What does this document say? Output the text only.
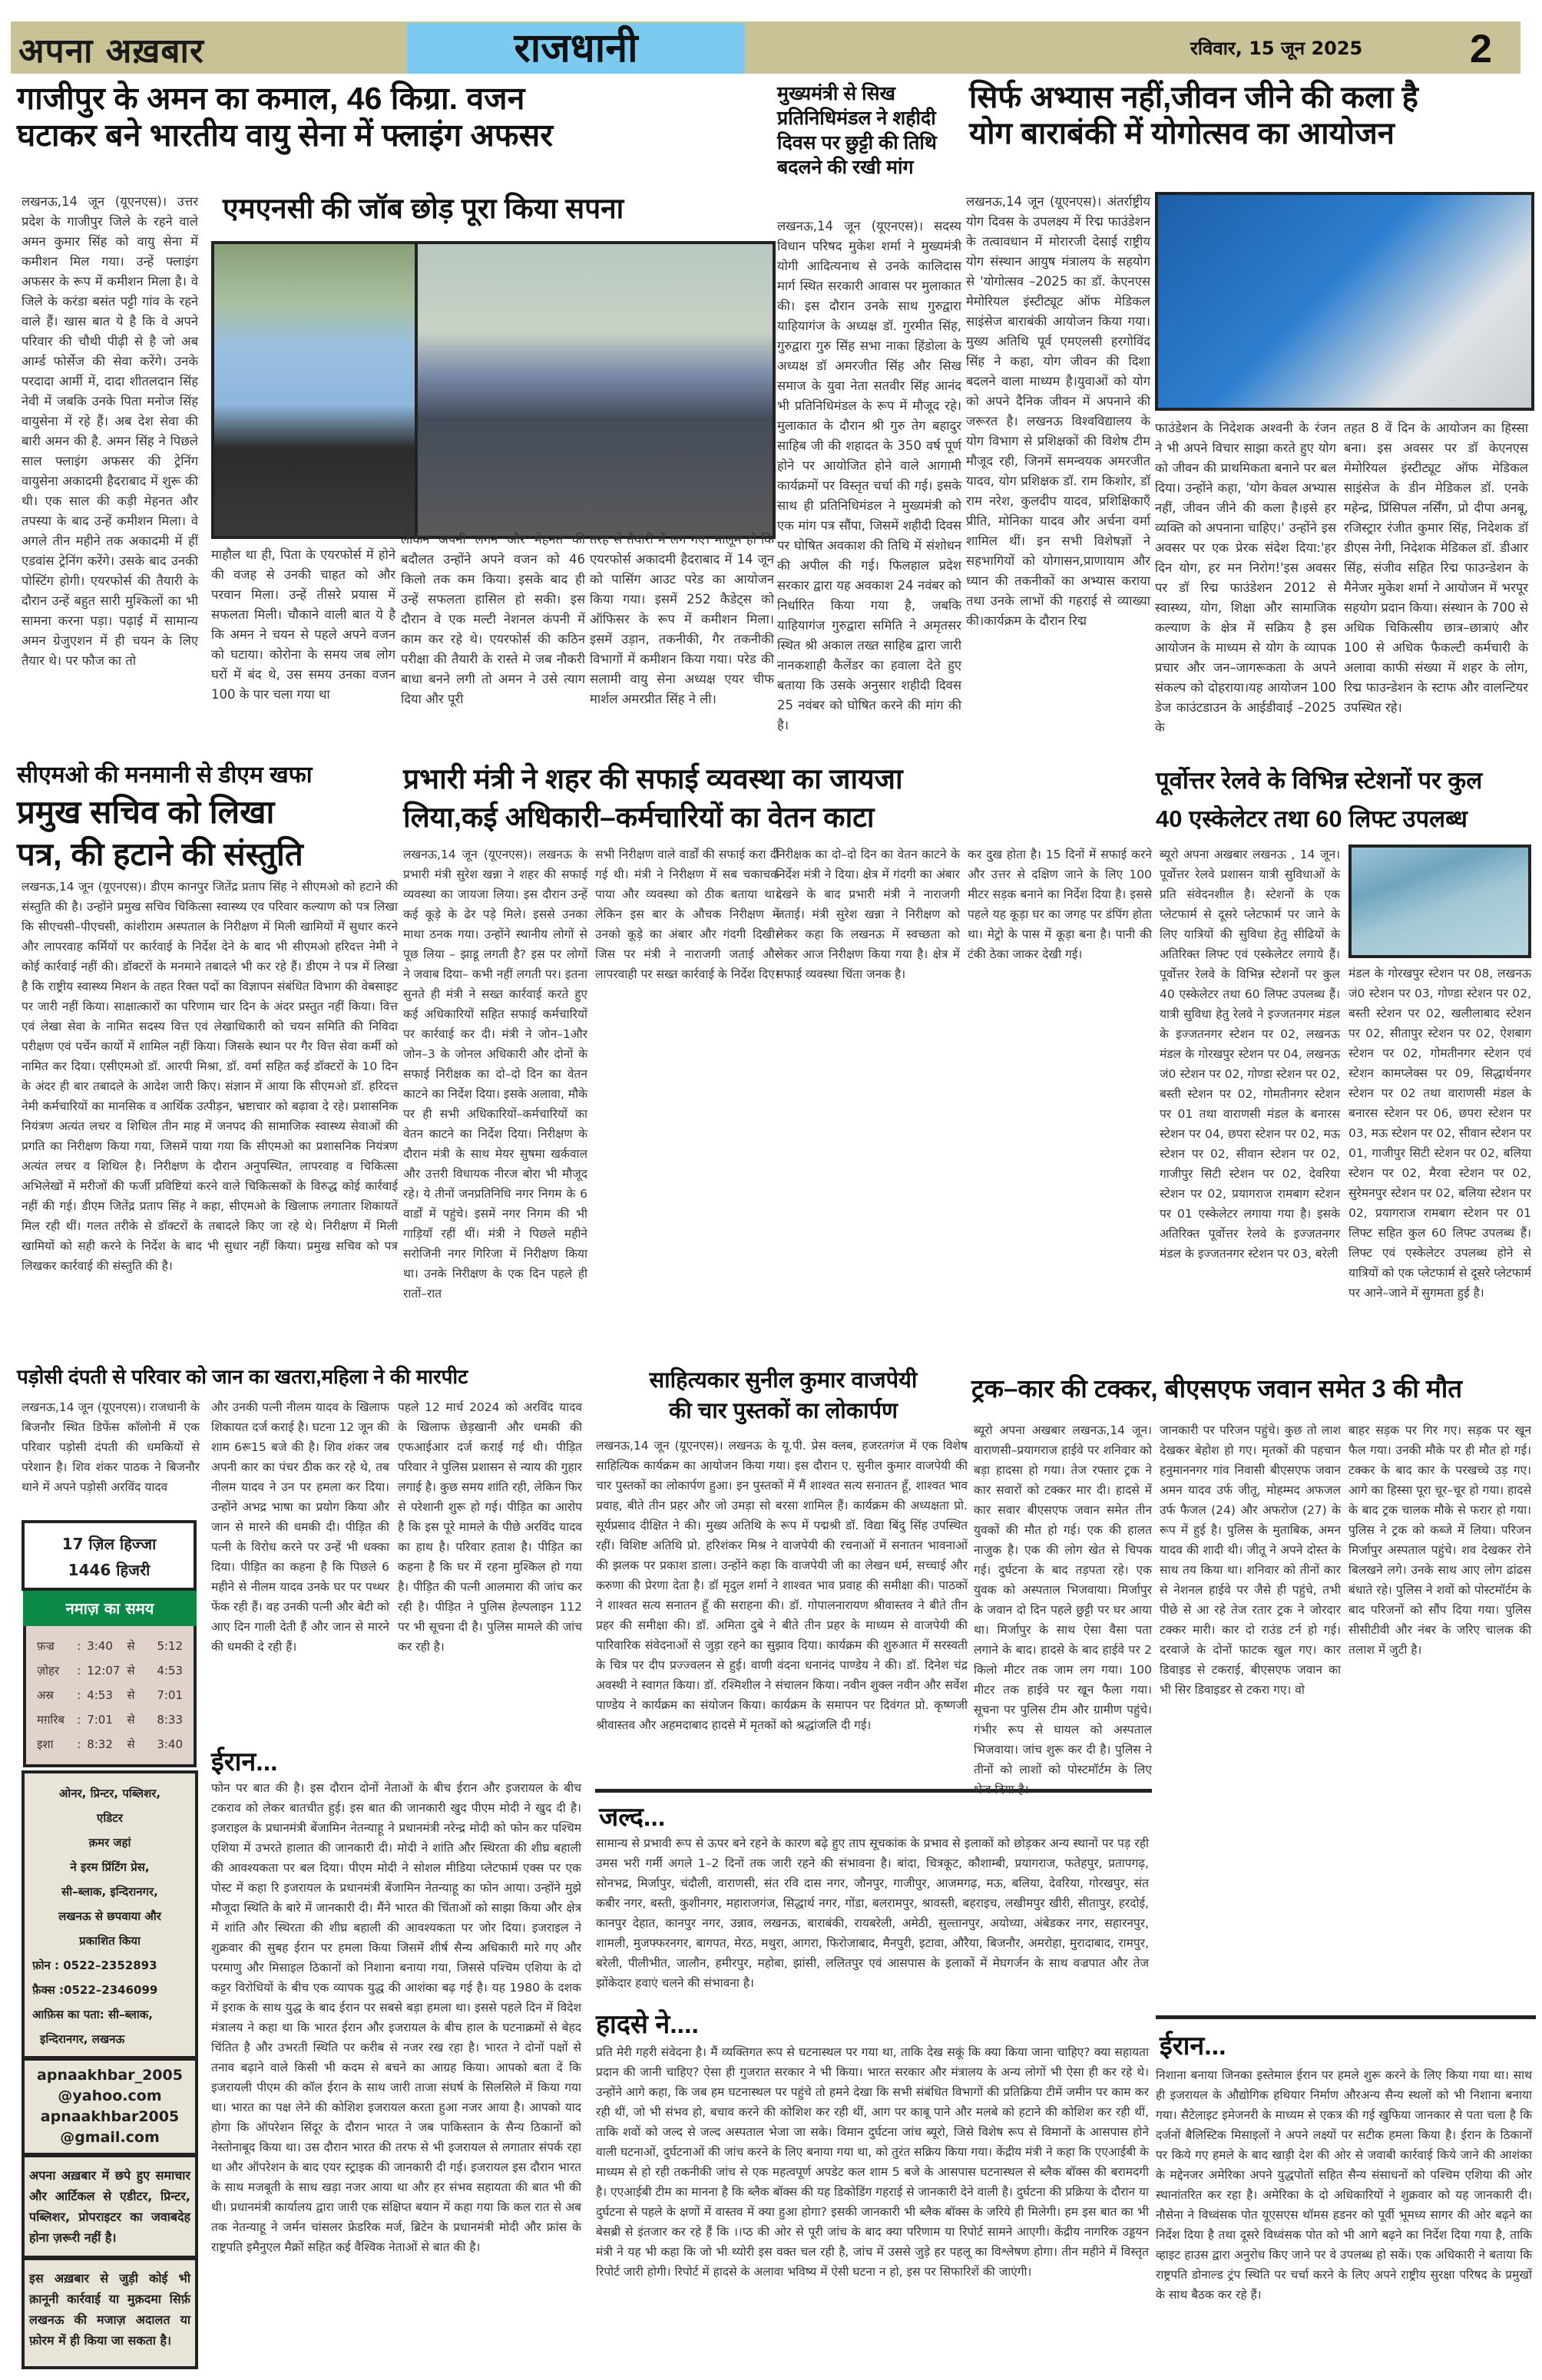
अपना अख़बार	राजधानी	रविवार, 15 जून 2025	2
गाजीपुर के अमन का कमाल, 46 किग्रा. वजन
घटाकर बने भारतीय वायु सेना में फ्लाइंग अफसर
एमएनसी की जॉब छोड़ पूरा किया सपना
लखनऊ,14 जून (यूएनएस)। उत्तर प्रदेश के गाजीपुर जिले के रहने वाले अमन कुमार सिंह को वायु सेना में कमीशन मिल गया। उन्हें फ्लाइंग अफसर के रूप में कमीशन मिला है। वे जिले के करंडा बसंत पट्टी गांव के रहने वाले हैं। खास बात ये है कि वे अपने परिवार की चौथी पीढ़ी से है जो अब आर्म्ड फोर्सेज की सेवा करेंगे। उनके परदादा आर्मी में, दादा शीतलदान सिंह नेवी में जबकि उनके पिता मनोज सिंह वायुसेना में रहे हैं। अब देश सेवा की बारी अमन की है. अमन सिंह ने पिछले साल फ्लाइंग अफसर की ट्रेनिंग वायुसेना अकादमी हैदराबाद में शुरू की थी। एक साल की कड़ी मेहनत और तपस्या के बाद उन्हें कमीशन मिला। वे अगले तीन महीने तक अकादमी में हीं एडवांस ट्रेनिंग करेंगे। उसके बाद उनकी पोस्टिंग होगी। एयरफोर्स की तैयारी के दौरान उन्हें बहुत सारी मुश्किलों का भी सामना करना पड़ा। पढ़ाई में सामान्य अमन ग्रेजुएशन में ही चयन के लिए तैयार थे। पर फौज का तो
माहौल था ही, पिता के एयरफोर्स में होने की वजह से उनकी चाहत को और परवान मिला। उन्हें तीसरे प्रयास में सफलता मिली। चौकाने वाली बात ये है कि अमन ने चयन से पहले अपने वजन को घटाया। कोरोना के समय जब लोग घरों में बंद थे, उस समय उनका वजन 100 के पार चला गया था
लेकिन अपनी लगन और मेहनत की बदौलत उन्होंने अपने वजन को 46 किलो तक कम किया। इसके बाद ही उन्हें सफलता हासिल हो सकी। इस दौरान वे एक मल्टी नेशनल कंपनी में काम कर रहे थे। एयरफोर्स की कठिन परीक्षा की तैयारी के रास्ते मे जब नौकरी बाधा बनने लगी तो अमन ने उसे त्याग दिया और पूरी
तरह से तैयारी में लग गए। मालूम हो कि एयरफोर्स अकादमी हैदराबाद में 14 जून को पासिंग आउट परेड का आयोजन किया गया। इसमें 252 कैडेट्स को ऑफिसर के रूप में कमीशन मिला। इसमें उड़ान, तकनीकी, गैर तकनीकी विभागों में कमीशन किया गया। परेड की सलामी वायु सेना अध्यक्ष एयर चीफ मार्शल अमरप्रीत सिंह ने ली।
मुख्यमंत्री से सिख प्रतिनिधिमंडल ने शहीदी दिवस पर छुट्टी की तिथि बदलने की रखी मांग
लखनऊ,14 जून (यूएनएस)। सदस्य विधान परिषद मुकेश शर्मा ने मुख्यमंत्री योगी आदित्यनाथ से उनके कालिदास मार्ग स्थित सरकारी आवास पर मुलाकात की। इस दौरान उनके साथ गुरुद्वारा याहियागंज के अध्यक्ष डॉ. गुरमीत सिंह, गुरुद्वारा गुरु सिंह सभा नाका हिंडोला के अध्यक्ष डॉ अमरजीत सिंह और सिख समाज के युवा नेता सतवीर सिंह आनंद भी प्रतिनिधिमंडल के रूप में मौजूद रहे। मुलाकात के दौरान श्री गुरु तेग बहादुर साहिब जी की शहादत के 350 वर्ष पूर्ण होने पर आयोजित होने वाले आगामी कार्यक्रमों पर विस्तृत चर्चा की गई। इसके साथ ही प्रतिनिधिमंडल ने मुख्यमंत्री को एक मांग पत्र सौंपा, जिसमें शहीदी दिवस पर घोषित अवकाश की तिथि में संशोधन की अपील की गई। फिलहाल प्रदेश सरकार द्वारा यह अवकाश 24 नवंबर को निर्धारित किया गया है, जबकि याहियागंज गुरुद्वारा समिति ने अमृतसर स्थित श्री अकाल तख्त साहिब द्वारा जारी नानकशाही कैलेंडर का हवाला देते हुए बताया कि उसके अनुसार शहीदी दिवस 25 नवंबर को घोषित करने की मांग की है।
सिर्फ अभ्यास नहीं,जीवन जीने की कला है
योग बाराबंकी में योगोत्सव का आयोजन
लखनऊ,14 जून (यूएनएस)। अंतर्राष्ट्रीय योग दिवस के उपलक्ष्य में रिद्म फाउंडेशन के तत्वावधान में मोरारजी देसाई राष्ट्रीय योग संस्थान आयुष मंत्रालय के सहयोग से 'योगोत्सव –2025 का डॉ. केएनएस मेमोरियल इंस्टीट्यूट ऑफ मेडिकल साइंसेज बाराबंकी आयोजन किया गया। मुख्य अतिथि पूर्व एमएलसी हरगोविंद सिंह ने कहा, योग जीवन की दिशा बदलने वाला माध्यम है।युवाओं को योग को अपने दैनिक जीवन में अपनाने की जरूरत है। लखनऊ विश्वविद्यालय के योग विभाग से प्रशिक्षकों की विशेष टीम मौजूद रही, जिनमें समन्वयक अमरजीत यादव, योग प्रशिक्षक डॉ. राम किशोर, डॉ राम नरेश, कुलदीप यादव, प्रशिक्षिकाएँ प्रीति, मोनिका यादव और अर्चना वर्मा शामिल थीं। इन सभी विशेषज्ञों ने सहभागियों को योगासन,प्राणायाम और ध्यान की तकनीकों का अभ्यास कराया तथा उनके लाभों की गहराई से व्याख्या की।कार्यक्रम के दौरान रिद्म
फाउंडेशन के निदेशक अश्वनी के रंजन ने भी अपने विचार साझा करते हुए योग को जीवन की प्राथमिकता बनाने पर बल दिया। उन्होंने कहा, 'योग केवल अभ्यास नहीं, जीवन जीने की कला है।इसे हर व्यक्ति को अपनाना चाहिए।' उन्होंने इस अवसर पर एक प्रेरक संदेश दिया:'हर दिन योग, हर मन निरोग!'इस अवसर पर डॉ रिद्म फाउंडेशन 2012 से स्वास्थ्य, योग, शिक्षा और सामाजिक कल्याण के क्षेत्र में सक्रिय है इस आयोजन के माध्यम से योग के व्यापक प्रचार और जन–जागरूकता के अपने संकल्प को दोहराया।यह आयोजन 100 डेज काउंटडाउन के आईडीवाई –2025 के
तहत 8 वें दिन के आयोजन का हिस्सा बना। इस अवसर पर डॉ केएनएस मेमोरियल इंस्टीट्यूट ऑफ मेडिकल साइंसेज के डीन मेडिकल डॉ. एनके महेन्द्र, प्रिंसिपल नर्सिंग, प्रो दीपा अनबू, रजिस्ट्रार रंजीत कुमार सिंह, निदेशक डॉ डीएस नेगी, निदेशक मेडिकल डॉ. डीआर सिंह, संजीव सहित रिद्म फाउन्डेशन के मैनेजर मुकेश शर्मा ने आयोजन में भरपूर सहयोग प्रदान किया। संस्थान के 700 से अधिक चिकित्सीय छात्र–छात्राएं और 100 से अधिक फैकल्टी कर्मचारी के अलावा काफी संख्या में शहर के लोग, रिद्म फाउन्डेशन के स्टाफ और वालन्टियर उपस्थित रहे।
सीएमओ की मनमानी से डीएम खफा
प्रमुख सचिव को लिखा
पत्र, की हटाने की संस्तुति
लखनऊ,14 जून (यूएनएस)। डीएम कानपुर जितेंद्र प्रताप सिंह ने सीएमओ को हटाने की संस्तुति की है। उन्होंने प्रमुख सचिव चिकित्सा स्वास्थ्य एव परिवार कल्याण को पत्र लिखा कि सीएचसी–पीएचसी, कांशीराम अस्पताल के निरीक्षण में मिली खामियों में सुधार करने और लापरवाह कर्मियों पर कार्रवाई के निर्देश देने के बाद भी सीएमओ हरिदत्त नेमी ने कोई कार्रवाई नहीं की। डॉक्टरों के मनमाने तबादले भी कर रहे हैं। डीएम ने पत्र में लिखा है कि राष्ट्रीय स्वास्थ्य मिशन के तहत रिक्त पदों का विज्ञापन संबंधित विभाग की वेबसाइट पर जारी नहीं किया। साक्षात्कारों का परिणाम चार दिन के अंदर प्रस्तुत नहीं किया। वित्त एवं लेखा सेवा के नामित सदस्य वित्त एवं लेखाधिकारी को चयन समिति की निविदा परीक्षण एवं पर्चेन कार्यो में शामिल नहीं किया। जिसके स्थान पर गैर वित्त सेवा कर्मी को नामित कर दिया। एसीएमओ डॉ. आरपी मिश्रा, डॉ. वर्मा सहित कई डॉक्टरों के 10 दिन के अंदर ही बार तबादले के आदेश जारी किए। संज्ञान में आया कि सीएमओ डॉ. हरिदत्त नेमी कर्मचारियों का मानसिक व आर्थिक उत्पीड़न, भ्रष्टाचार को बढ़ावा दे रहे। प्रशासनिक नियंत्रण अत्यंत लचर व शिथिल तीन माह में जनपद की सामाजिक स्वास्थ्य सेवाओं की प्रगति का निरीक्षण किया गया, जिसमें पाया गया कि सीएमओ का प्रशासनिक नियंत्रण अत्यंत लचर व शिथिल है। निरीक्षण के दौरान अनुपस्थित, लापरवाह व चिकित्सा अभिलेखों में मरीजों की फर्जी प्रविष्टियां करने वाले चिकित्सकों के विरुद्ध कोई कार्रवाई नहीं की गई। डीएम जितेंद्र प्रताप सिंह ने कहा, सीएमओ के खिलाफ लगातार शिकायतें मिल रही थीं। गलत तरीके से डॉक्टरों के तबादले किए जा रहे थे। निरीक्षण में मिली खामियों को सही करने के निर्देश के बाद भी सुधार नहीं किया। प्रमुख सचिव को पत्र लिखकर कार्रवाई की संस्तुति की है।
प्रभारी मंत्री ने शहर की सफाई व्यवस्था का जायजा
लिया,कई अधिकारी–कर्मचारियों का वेतन काटा
लखनऊ,14 जून (यूएनएस)। लखनऊ के प्रभारी मंत्री सुरेश खन्ना ने शहर की सफाई व्यवस्था का जायजा लिया। इस दौरान उन्हें कई कूड़े के ढेर पड़े मिले। इससे उनका माथा ठनक गया। उन्होंने स्थानीय लोगों से पूछ लिया – झाडू लगती है? इस पर लोगों ने जवाब दिया– कभी नहीं लगती पर। इतना सुनते ही मंत्री ने सख्त कार्रवाई करते हुए कई अधिकारियों सहित सफाई कर्मचारियों पर कार्रवाई कर दी। मंत्री ने जोन–1और जोन–3 के जोनल अधिकारी और दोनों के सफाई निरीक्षक का दो–दो दिन का वेतन काटने का निर्देश दिया। इसके अलावा, मौके पर ही सभी अधिकारियों–कर्मचारियों का वेतन काटने का निर्देश दिया। निरीक्षण के दौरान मंत्री के साथ मेयर सुषमा खर्कवाल और उत्तरी विधायक नीरज बोरा भी मौजूद रहे। ये तीनों जनप्रतिनिधि नगर निगम के 6 वार्डों में पहुंचे। इसमें नगर निगम की भी गाड़ियाँ रहीं थीं। मंत्री ने पिछले महीने सरोजिनी नगर गिरिजा में निरीक्षण किया था। उनके निरीक्षण के एक दिन पहले ही रातों–रात
सभी निरीक्षण वाले वार्डों की सफाई करा दी गई थी। मंत्री ने निरीक्षण में सब चकाचक पाया और व्यवस्था को ठीक बताया था। लेकिन इस बार के औचक निरीक्षण में उनको कूड़े का अंबार और गंदगी दिखी। जिस पर मंत्री ने नाराजगी जताई और लापरवाही पर सख्त कार्रवाई के निर्देश दिए।
निरीक्षक का दो–दो दिन का वेतन काटने के निर्देश मंत्री ने दिया। क्षेत्र में गंदगी का अंबार देखने के बाद प्रभारी मंत्री ने नाराजगी जताई। मंत्री सुरेश खन्ना ने निरीक्षण को लेकर कहा कि लखनऊ में स्वच्छता को लेकर आज निरीक्षण किया गया है। क्षेत्र में सफाई व्यवस्था चिंता जनक है।
कर दुख होता है। 15 दिनों में सफाई करने और उत्तर से दक्षिण जाने के लिए 100 मीटर सड़क बनाने का निर्देश दिया है। इससे पहले यह कूड़ा घर का जगह पर डंपिंग होता था। मेट्रो के पास में कूड़ा बना है। पानी की टंकी ठेका जाकर देखी गई।
पूर्वोत्तर रेलवे के विभिन्न स्टेशनों पर कुल
40 एस्केलेटर तथा 60 लिफ्ट उपलब्ध
ब्यूरो अपना अखबार लखनऊ , 14 जून। पूर्वोत्तर रेलवे प्रशासन यात्री सुविधाओं के प्रति संवेदनशील है। स्टेशनों के एक प्लेटफार्म से दूसरे प्लेटफार्म पर जाने के लिए यात्रियों की सुविधा हेतु सीढियों के अतिरिक्त लिफ्ट एवं एस्केलेटर लगाये हैं। पूर्वोत्तर रेलवे के विभिन्न स्टेशनों पर कुल 40 एस्केलेटर तथा 60 लिफ्ट उपलब्ध हैं। यात्री सुविधा हेतु रेलवे ने इज्जतनगर मंडल के इज्जतनगर स्टेशन पर 02, लखनऊ मंडल के गोरखपुर स्टेशन पर 04, लखनऊ जं0 स्टेशन पर 02, गोण्डा स्टेशन पर 02, बस्ती स्टेशन पर 02, गोमतीनगर स्टेशन पर 01 तथा वाराणसी मंडल के बनारस स्टेशन पर 04, छपरा स्टेशन पर 02, मऊ स्टेशन पर 02, सीवान स्टेशन पर 02, गाजीपुर सिटी स्टेशन पर 02, देवरिया स्टेशन पर 02, प्रयागराज रामबाग स्टेशन पर 01 एस्केलेटर लगाया गया है। इसके अतिरिक्त पूर्वोत्तर रेलवे के इज्जतनगर मंडल के इज्जतनगर स्टेशन पर 03, बरेली
मंडल के गोरखपुर स्टेशन पर 08, लखनऊ जं0 स्टेशन पर 03, गोण्डा स्टेशन पर 02, बस्ती स्टेशन पर 02, खलीलाबाद स्टेशन पर 02, सीतापुर स्टेशन पर 02, ऐशबाग स्टेशन पर 02, गोमतीनगर स्टेशन एवं स्टेशन कामप्लेक्स पर 09, सिद्धार्थनगर स्टेशन पर 02 तथा वाराणसी मंडल के बनारस स्टेशन पर 06, छपरा स्टेशन पर 03, मऊ स्टेशन पर 02, सीवान स्टेशन पर 01, गाजीपुर सिटी स्टेशन पर 02, बलिया स्टेशन पर 02, मैरवा स्टेशन पर 02, सुरेमनपुर स्टेशन पर 02, बलिया स्टेशन पर 02, प्रयागराज रामबाग स्टेशन पर 01 लिफ्ट सहित कुल 60 लिफ्ट उपलब्ध हैं। लिफ्ट एवं एस्केलेटर उपलब्ध होने से यात्रियों को एक प्लेटफार्म से दूसरे प्लेटफार्म पर आने–जाने में सुगमता हुई है।
पड़ोसी दंपती से परिवार को जान का खतरा,महिला ने की मारपीट
लखनऊ,14 जून (यूएनएस)। राजधानी के बिजनौर स्थित डिफेंस कॉलोनी में एक परिवार पड़ोसी दंपती की धमकियों से परेशान है। शिव शंकर पाठक ने बिजनौर थाने में अपने पड़ोसी अरविंद यादव
और उनकी पत्नी नीलम यादव के खिलाफ शिकायत दर्ज कराई है। घटना 12 जून की शाम 6रू15 बजे की है। शिव शंकर जब अपनी कार का पंचर ठीक कर रहे थे, तब नीलम यादव ने उन पर हमला कर दिया। उन्होंने अभद्र भाषा का प्रयोग किया और जान से मारने की धमकी दी। पीड़ित की पत्नी के विरोध करने पर उन्हें भी धक्का दिया। पीड़ित का कहना है कि पिछले 6 महीने से नीलम यादव उनके घर पर पथ्थर फेंक रही हैं। वह उनकी पत्नी और बेटी को आए दिन गाली देती हैं और जान से मारने की धमकी दे रही हैं।
पहले 12 मार्च 2024 को अरविंद यादव के खिलाफ छेड़खानी और धमकी की एफआईआर दर्ज कराई गई थी। पीड़ित परिवार ने पुलिस प्रशासन से न्याय की गुहार लगाई है। कुछ समय शांति रही, लेकिन फिर से परेशानी शुरू हो गई। पीड़ित का आरोप है कि इस पूरे मामले के पीछे अरविंद यादव का हाथ है। परिवार हताश है। पीड़ित का कहना है कि घर में रहना मुश्किल हो गया है। पीड़ित की पत्नी आलमारा की जांच कर रही है। पीड़ित ने पुलिस हेल्पलाइन 112 पर भी सूचना दी है। पुलिस मामले की जांच कर रही है।
17 ज़िल हिज्जा
1446 हिजरी
नमाज़ का समय
फ़ज्र	: 3:40	से	5:12
ज़ोहर	: 12:07 से	4:53
अस्र	: 4:53	से	7:01
मग़रिब	: 7:01	से	8:33
इशा	: 8:32	से	3:40
ओनर, प्रिन्टर, पब्लिशर,
एडिटर
क़मर जहां
ने इरम प्रिंटिंग प्रेस,
सी–ब्लाक, इन्दिरानगर,
लखनऊ से छपवाया और
प्रकाशित किया
फ़ोन : 0522–2352893
फ़ैक्स :0522–2346099
आफ़िस का पता: सी–ब्लाक,
इन्दिरानगर, लखनऊ
apnaakhbar_2005
@yahoo.com
apnaakhbar2005
@gmail.com
अपना अख़बार में छपे हुए समाचार और आर्टिकल से एडीटर, प्रिन्टर, पब्लिशर, प्रोपराइटर का जवाबदेह होना ज़रूरी नहीं है।
इस अख़बार से जुड़ी कोई भी क़ानूनी कार्रवाई या मुक़दमा सिर्फ़ लखनऊ की मजाज़ अदालत या फ़ोरम में ही किया जा सकता है।
ईरान...
फोन पर बात की है। इस दौरान दोनों नेताओं के बीच ईरान और इजरायल के बीच टकराव को लेकर बातचीत हुई। इस बात की जानकारी खुद पीएम मोदी ने खुद दी है। इजराइल के प्रधानमंत्री बेंजामिन नेतन्याहू ने प्रधानमंत्री नरेन्द्र मोदी को फोन कर पश्चिम एशिया में उभरते हालात की जानकारी दी। मोदी ने शांति और स्थिरता की शीघ्र बहाली की आवश्यकता पर बल दिया। पीएम मोदी ने सोशल मीडिया प्लेटफार्म एक्स पर एक पोस्ट में कहा रि इजरायल के प्रधानमंत्री बेंजामिन नेतन्याहू का फोन आया। उन्होंने मुझे मौजूदा स्थिति के बारे में जानकारी दी। मैंने भारत की चिंताओं को साझा किया और क्षेत्र में शांति और स्थिरता की शीघ्र बहाली की आवश्यकता पर जोर दिया। इजराइल ने शुक्रवार की सुबह ईरान पर हमला किया जिसमें शीर्ष सैन्य अधिकारी मारे गए और परमाणु और मिसाइल ठिकानों को निशाना बनाया गया, जिससे पश्चिम एशिया के दो कट्टर विरोधियों के बीच एक व्यापक युद्ध की आशंका बढ़ गई है। यह 1980 के दशक में इराक के साथ युद्ध के बाद ईरान पर सबसे बड़ा हमला था। इससे पहले दिन में विदेश मंत्रालय ने कहा था कि भारत ईरान और इजरायल के बीच हाल के घटनाक्रमों से बेहद चिंतित है और उभरती स्थिति पर करीब से नजर रख रहा है। भारत ने दोनों पक्षों से तनाव बढ़ाने वाले किसी भी कदम से बचने का आग्रह किया। आपको बता दें कि इजरायली पीएम की कॉल ईरान के साथ जारी ताजा संघर्ष के सिलसिले में किया गया था। भारत का पक्ष लेने की कोशिश इजरायल करता हुआ नजर आया है। आपको याद होगा कि ऑपरेशन सिंदूर के दौरान भारत ने जब पाकिस्तान के सैन्य ठिकानों को नेस्तोनाबूद किया था। उस दौरान भारत की तरफ से भी इजरायल से लगातार संपर्क रहा था और ऑपरेशन के बाद एयर स्ट्राइक की जानकारी दी गई। इजरायल इस दौरान भारत के साथ मजबूती के साथ खड़ा नजर आया था और हर संभव सहायता की बात भी की थी। प्रधानमंत्री कार्यालय द्वारा जारी एक संक्षिप्त बयान में कहा गया कि कल रात से अब तक नेतन्याहू ने जर्मन चांसलर फ्रेडरिक मर्ज, ब्रिटेन के प्रधानमंत्री मोदी और फ्रांस के राष्ट्रपति इमैनुएल मैक्रों सहित कई वैश्विक नेताओं से बात की है।
साहित्यकार सुनील कुमार वाजपेयी
की चार पुस्तकों का लोकार्पण
लखनऊ,14 जून (यूएनएस)। लखनऊ के यू.पी. प्रेस क्लब, हजरतगंज में एक विशेष साहित्यिक कार्यक्रम का आयोजन किया गया। इस दौरान ए. सुनील कुमार वाजपेयी की चार पुस्तकों का लोकार्पण हुआ। इन पुस्तकों में मैं शाश्वत सत्य सनातन हूँ, शाश्वत भाव प्रवाह, बीते तीन प्रहर और जो उमड़ा सो बरसा शामिल हैं। कार्यक्रम की अध्यक्षता प्रो. सूर्यप्रसाद दीक्षित ने की। मुख्य अतिथि के रूप में पद्मश्री डॉ. विद्या बिंदु सिंह उपस्थित रहीं। विशिष्ट अतिथि प्रो. हरिशंकर मिश्र ने वाजपेयी की रचनाओं में सनातन भावनाओं की झलक पर प्रकाश डाला। उन्होंने कहा कि वाजपेयी जी का लेखन धर्म, सच्चाई और करुणा की प्रेरणा देता है। डॉ मृदुल शर्मा ने शाश्वत भाव प्रवाह की समीक्षा की। पाठकों ने शाश्वत सत्य सनातन हूँ की सराहना की। डॉ. गोपालनारायण श्रीवास्तव ने बीते तीन प्रहर की समीक्षा की। डॉ. अमिता दुबे ने बीते तीन प्रहर के माध्यम से वाजपेयी की पारिवारिक संवेदनाओं से जुड़ा रहने का सुझाव दिया। कार्यक्रम की शुरुआत में सरस्वती के चित्र पर दीप प्रज्ज्वलन से हुई। वाणी वंदना धनानंद पाण्डेय ने की। डॉ. दिनेश चंद्र अवस्थी ने स्वागत किया। डॉ. रश्मिशील ने संचालन किया। नवीन शुक्ल नवीन और सर्वेश पाण्डेय ने कार्यक्रम का संयोजन किया। कार्यक्रम के समापन पर दिवंगत प्रो. कृष्णजी श्रीवास्तव और अहमदाबाद हादसे में मृतकों को श्रद्धांजलि दी गई।
जल्द...
सामान्य से प्रभावी रूप से ऊपर बने रहने के कारण बढ़े हुए ताप सूचकांक के प्रभाव से इलाकों को छोड़कर अन्य स्थानों पर पड़ रही उमस भरी गर्मी अगले 1–2 दिनों तक जारी रहने की संभावना है। बांदा, चित्रकूट, कौशाम्बी, प्रयागराज, फतेहपुर, प्रतापगढ़, सोनभद्र, मिर्जापुर, चंदौली, वाराणसी, संत रवि दास नगर, जौनपुर, गाजीपुर, आजमगढ़, मऊ, बलिया, देवरिया, गोरखपुर, संत कबीर नगर, बस्ती, कुशीनगर, महाराजगंज, सिद्धार्थ नगर, गोंडा, बलरामपुर, श्रावस्ती, बहराइच, लखीमपुर खीरी, सीतापुर, हरदोई, कानपुर देहात, कानपुर नगर, उन्नाव, लखनऊ, बाराबंकी, रायबरेली, अमेठी, सुल्तानपुर, अयोध्या, अंबेडकर नगर, सहारनपुर, शामली, मुजफ्फरनगर, बागपत, मेरठ, मथुरा, आगरा, फिरोजाबाद, मैनपुरी, इटावा, औरैया, बिजनौर, अमरोहा, मुरादाबाद, रामपुर, बरेली, पीलीभीत, जालौन, हमीरपुर, महोबा, झांसी, ललितपुर एवं आसपास के इलाकों में मेघगर्जन के साथ वज्रपात और तेज झोंकेदार हवाएं चलने की संभावना है।
हादसे ने....
प्रति मेरी गहरी संवेदना है। मैं व्यक्तिगत रूप से घटनास्थल पर गया था, ताकि देख सकूं कि क्या किया जाना चाहिए? क्या सहायता प्रदान की जानी चाहिए? ऐसा ही गुजरात सरकार ने भी किया। भारत सरकार और मंत्रालय के अन्य लोगों भी ऐसा ही कर रहे थे। उन्होंने आगे कहा, कि जब हम घटनास्थल पर पहुंचे तो हमने देखा कि सभी संबंधित विभागों की प्रतिक्रिया टीमें जमीन पर काम कर रही थीं, जो भी संभव हो, बचाव करने की कोशिश कर रही थीं, आग पर काबू पाने और मलबे को हटाने की कोशिश कर रही थीं, ताकि शवों को जल्द से जल्द अस्पताल भेजा जा सके। विमान दुर्घटना जांच ब्यूरो, जिसे विशेष रूप से विमानों के आसपास होने वाली घटनाओं, दुर्घटनाओं की जांच करने के लिए बनाया गया था, को तुरंत सक्रिय किया गया। केंद्रीय मंत्री ने कहा कि एएआईबी के माध्यम से हो रही तकनीकी जांच से एक महत्वपूर्ण अपडेट कल शाम 5 बजे के आसपास घटनास्थल से ब्लैक बॉक्स की बरामदगी है। एएआईबी टीम का मानना है कि ब्लैक बॉक्स की यह डिकोडिंग गहराई से जानकारी देने वाली है। दुर्घटना की प्रक्रिया के दौरान या दुर्घटना से पहले के क्षणों में वास्तव में क्या हुआ होगा? इसकी जानकारी भी ब्लैक बॉक्स के जरिये ही मिलेगी। हम इस बात का भी बेसब्री से इंतजार कर रहे हैं कि ।।प्ठ की ओर से पूरी जांच के बाद क्या परिणाम या रिपोर्ट सामने आएगी। केंद्रीय नागरिक उड्डयन मंत्री ने यह भी कहा कि जो भी थ्योरी इस वक्त चल रही है, जांच में उससे जुड़े हर पहलू का विश्लेषण होगा। तीन महीने में विस्तृत रिपोर्ट जारी होगी। रिपोर्ट में हादसे के अलावा भविष्य में ऐसी घटना न हो, इस पर सिफारिशें की जाएंगी।
ट्रक–कार की टक्कर, बीएसएफ जवान समेत 3 की मौत
ब्यूरो अपना अखबार लखनऊ,14 जून। वाराणसी–प्रयागराज हाईवे पर शनिवार को बड़ा हादसा हो गया। तेज रफ्तार ट्रक ने कार सवारों को टक्कर मार दी। हादसे में कार सवार बीएसएफ जवान समेत तीन युवकों की मौत हो गई। एक की हालत नाजुक है। एक की लोग खेत से चिपक गई। दुर्घटना के बाद तड़पता रहे। एक युवक को अस्पताल भिजवाया। मिर्जापुर के जवान दो दिन पहले छुट्टी पर घर आया था। मिर्जापुर के साथ ऐसा वैसा पता लगाने के बाद। हादसे के बाद हाईवे पर 2 किलो मीटर तक जाम लग गया। 100 मीटर तक हाईवे पर खून फैला गया। सूचना पर पुलिस टीम और ग्रामीण पहुंचे। गंभीर रूप से घायल को अस्पताल भिजवाया। जांच शुरू कर दी है। पुलिस ने तीनों को लाशों को पोस्टमॉर्टम के लिए भेज दिया है।
जानकारी पर परिजन पहुंचे। कुछ तो लाश देखकर बेहोश हो गए। मृतकों की पहचान हनुमाननगर गांव निवासी बीएसएफ जवान अमन यादव उर्फ जीतू, मोहम्मद अफजल उर्फ फैजल (24) और अफरोज (27) के रूप में हुई है। पुलिस के मुताबिक, अमन यादव की शादी थी। जीतू ने अपने दोस्त के साथ तय किया था। शनिवार को तीनों कार से नेशनल हाईवे पर जैसे ही पहुंचे, तभी पीछे से आ रहे तेज रतार ट्रक ने जोरदार टक्कर मारी। कार दो राउंड टर्न हो गई। दरवाजे के दोनों फाटक खुल गए। कार डिवाइड से टकराई, बीएसएफ जवान का भी सिर डिवाइडर से टकरा गए। वो
बाहर सड़क पर गिर गए। सड़क पर खून फैल गया। उनकी मौके पर ही मौत हो गई। टक्कर के बाद कार के परखच्चे उड़ गए। आगे का हिस्सा पूरा चूर–चूर हो गया। हादसे के बाद ट्रक चालक मौके से फरार हो गया। पुलिस ने ट्रक को कब्जे में लिया। परिजन मिर्जापुर अस्पताल पहुंचे। शव देखकर रोने बिलखने लगे। उनके साथ आए लोग ढांढस बंधाते रहे। पुलिस ने शवों को पोस्टमॉर्टम के बाद परिजनों को सौंप दिया गया। पुलिस सीसीटीवी और नंबर के जरिए चालक की तलाश में जुटी है।
ईरान...
निशाना बनाया जिनका इस्तेमाल ईरान पर हमले शुरू करने के लिए किया गया था। साथ ही इजरायल के औद्योगिक हथियार निर्माण औरअन्य सैन्य स्थलों को भी निशाना बनाया गया। सैटेलाइट इमेजनरी के माध्यम से एकत्र की गई खुफिया जानकार से पता चला है कि दर्जनों बैलिस्टिक मिसाइलों ने अपने लक्ष्यों पर सटीक हमला किया है। ईरान के ठिकानों पर किये गए हमले के बाद खाड़ी देश की ओर से जवाबी कार्रवाई किये जाने की आशंका के मद्देनजर अमेरिका अपने युद्धपोतों सहित सैन्य संसाधनों को पश्चिम एशिया की ओर स्थानांतरित कर रहा है। अमेरिका के दो अधिकारियों ने शुक्रवार को यह जानकारी दी। नौसेना ने विध्वंसक पोत यूएसएस थॉमस हडनर को पूर्वी भूमध्य सागर की ओर बढ़ने का निर्देश दिया है तथा दूसरे विध्वंसक पोत को भी आगे बढ़ने का निर्देश दिया गया है, ताकि व्हाइट हाउस द्वारा अनुरोध किए जाने पर वे उपलब्ध हो सकें। एक अधिकारी ने बताया कि राष्ट्रपति डोनाल्ड ट्रंप स्थिति पर चर्चा करने के लिए अपने राष्ट्रीय सुरक्षा परिषद के प्रमुखों के साथ बैठक कर रहे हैं।
